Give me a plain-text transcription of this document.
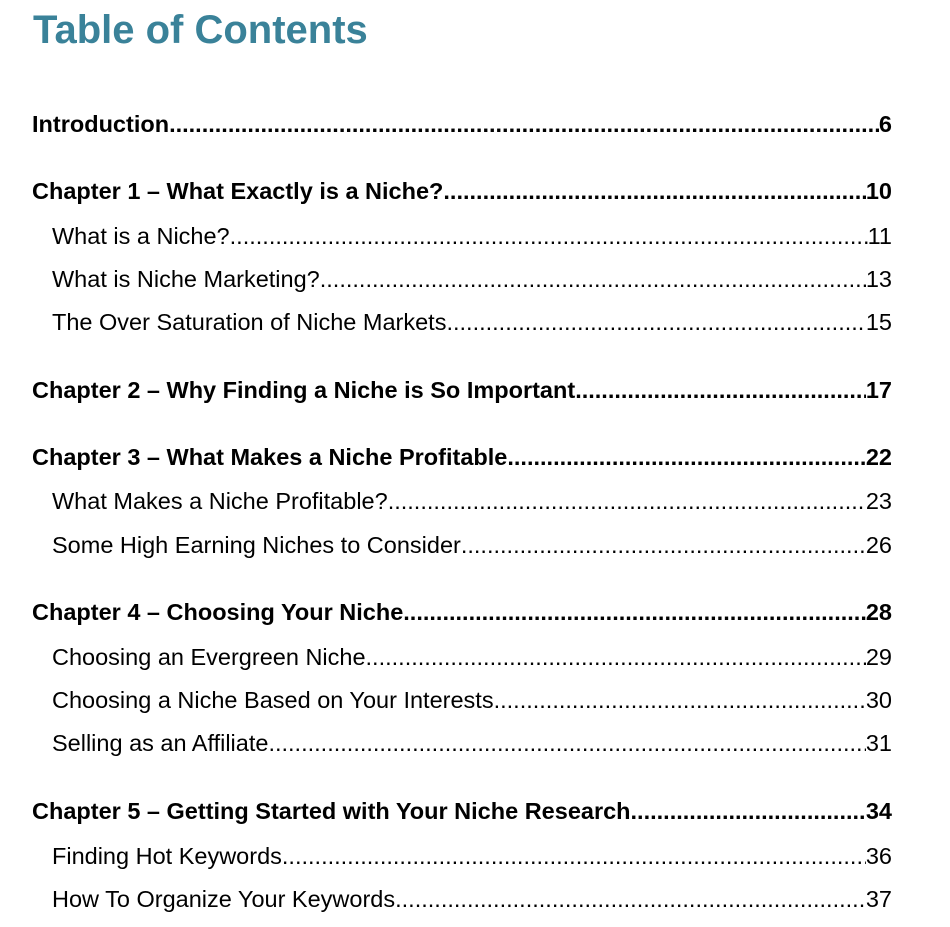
Table of Contents
Introduction .....	6
Chapter 1 – What Exactly is a Niche? .....	10
What is a Niche? .....	11
What is Niche Marketing? .....	13
The Over Saturation of Niche Markets .....	15
Chapter 2 – Why Finding a Niche is So Important .....	17
Chapter 3 – What Makes a Niche Profitable .....	22
What Makes a Niche Profitable? .....	23
Some High Earning Niches to Consider .....	26
Chapter 4 – Choosing Your Niche .....	28
Choosing an Evergreen Niche .....	29
Choosing a Niche Based on Your Interests .....	30
Selling as an Affiliate .....	31
Chapter 5 – Getting Started with Your Niche Research .....	34
Finding Hot Keywords .....	36
How To Organize Your Keywords .....	37
